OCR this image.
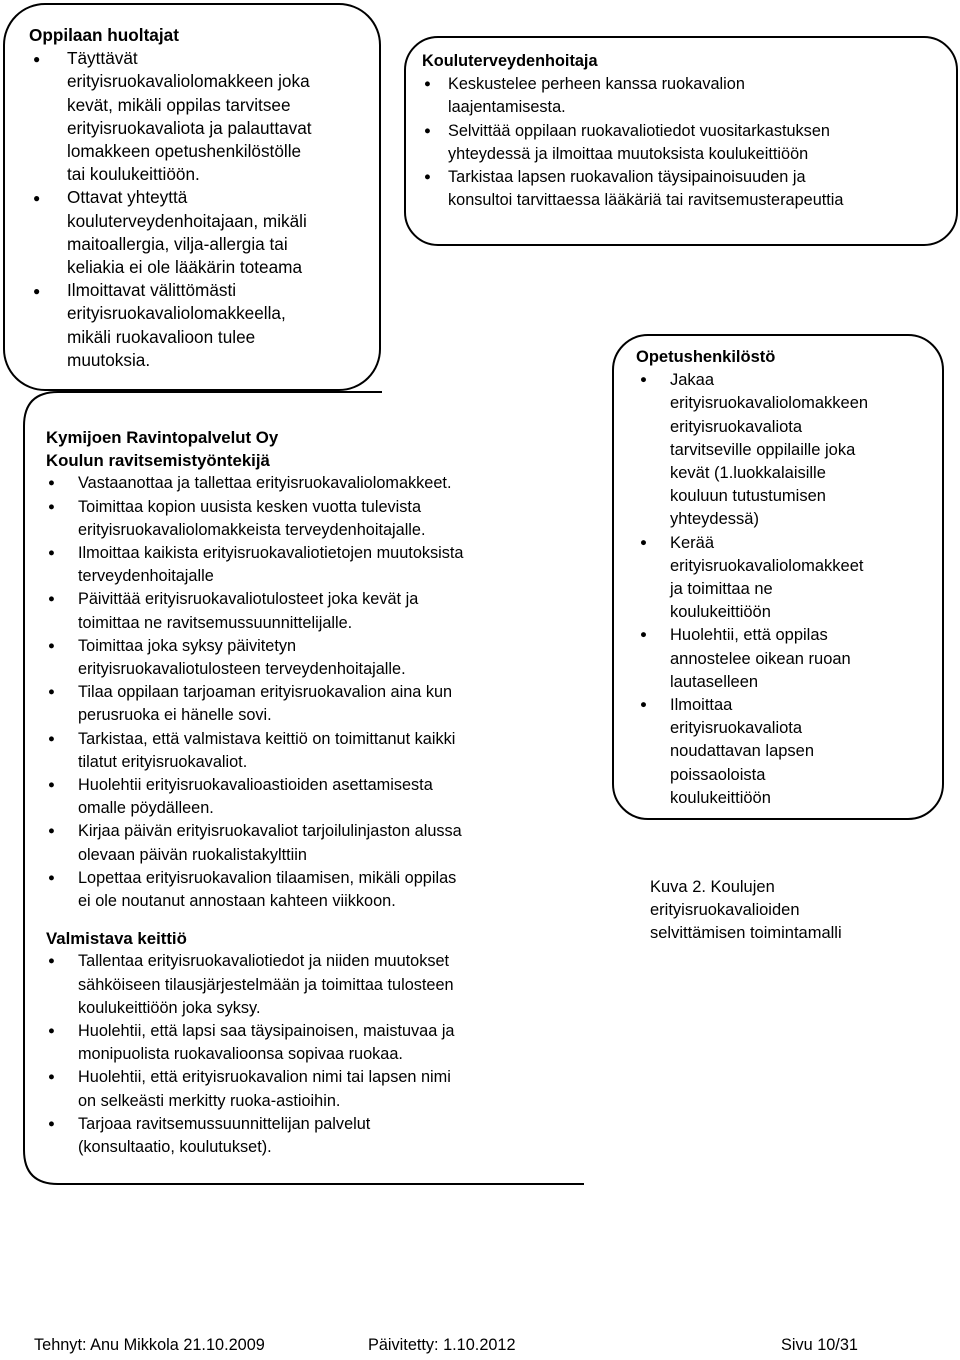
Oppilaan huoltajat
● Täyttävät
erityisruokavaliolomakkeen joka
kevät, mikäli oppilas tarvitsee
erityisruokavaliota ja palauttavat
lomakkeen opetushenkilöstölle
tai koulukeittiöön.
● Ottavat yhteyttä
kouluterveydenhoitajaan, mikäli
maitoallergia, vilja-allergia tai
keliakia ei ole lääkärin toteama
● Ilmoittavat välittömästi
erityisruokavaliolomakkeella,
mikäli ruokavalioon tulee
muutoksia.
Kouluterveydenhoitaja
● Keskustelee perheen kanssa ruokavalion
laajentamisesta.
● Selvittää oppilaan ruokavaliotiedot vuositarkastuksen
yhteydessä ja ilmoittaa muutoksista koulukeittiöön
● Tarkistaa lapsen ruokavalion täysipainoisuuden ja
konsultoi tarvittaessa lääkäriä tai ravitsemusterapeuttia
Kymijoen Ravintopalvelut Oy
Koulun ravitsemistyöntekijä
● Vastaanottaa ja tallettaa erityisruokavaliolomakkeet.
● Toimittaa kopion uusista kesken vuotta tulevista
erityisruokavaliolomakkeista terveydenhoitajalle.
● Ilmoittaa kaikista erityisruokavaliotietojen muutoksista
terveydenhoitajalle
● Päivittää erityisruokavaliotulosteet joka kevät ja
toimittaa ne ravitsemussuunnittelijalle.
● Toimittaa joka syksy päivitetyn
erityisruokavaliotulosteen terveydenhoitajalle.
● Tilaa oppilaan tarjoaman erityisruokavalion aina kun
perusruoka ei hänelle sovi.
● Tarkistaa, että valmistava keittiö on toimittanut kaikki
tilatut erityisruokavaliot.
● Huolehtii erityisruokavalioastioiden asettamisesta
omalle pöydälleen.
● Kirjaa päivän erityisruokavaliot tarjoilulinjaston alussa
olevaan päivän ruokalistakylttiin
● Lopettaa erityisruokavalion tilaamisen, mikäli oppilas
ei ole noutanut annostaan kahteen viikkoon.
Valmistava keittiö
● Tallentaa erityisruokavaliotiedot ja niiden muutokset
sähköiseen tilausjärjestelmään ja toimittaa tulosteen
koulukeittiöön joka syksy.
● Huolehtii, että lapsi saa täysipainoisen, maistuvaa ja
monipuolista ruokavalioonsa sopivaa ruokaa.
● Huolehtii, että erityisruokavalion nimi tai lapsen nimi
on selkeästi merkitty ruoka-astioihin.
● Tarjoaa ravitsemussuunnittelijan palvelut
(konsultaatio, koulutukset).
Opetushenkilöstö
● Jakaa
erityisruokavaliolomakkeen
erityisruokavaliota
tarvitseville oppilaille joka
kevät (1.luokkalaisille
kouluun tutustumisen
yhteydessä)
● Kerää
erityisruokavaliolomakkeet
ja toimittaa ne
koulukeittiöön
● Huolehtii, että oppilas
annostelee oikean ruoan
lautaselleen
● Ilmoittaa
erityisruokavaliota
noudattavan lapsen
poissaoloista
koulukeittiöön
Kuva 2. Koulujen
erityisruokavalioiden
selvittämisen toimintamalli
Tehnyt: Anu Mikkola 21.10.2009	Päivitetty: 1.10.2012	Sivu 10/31
